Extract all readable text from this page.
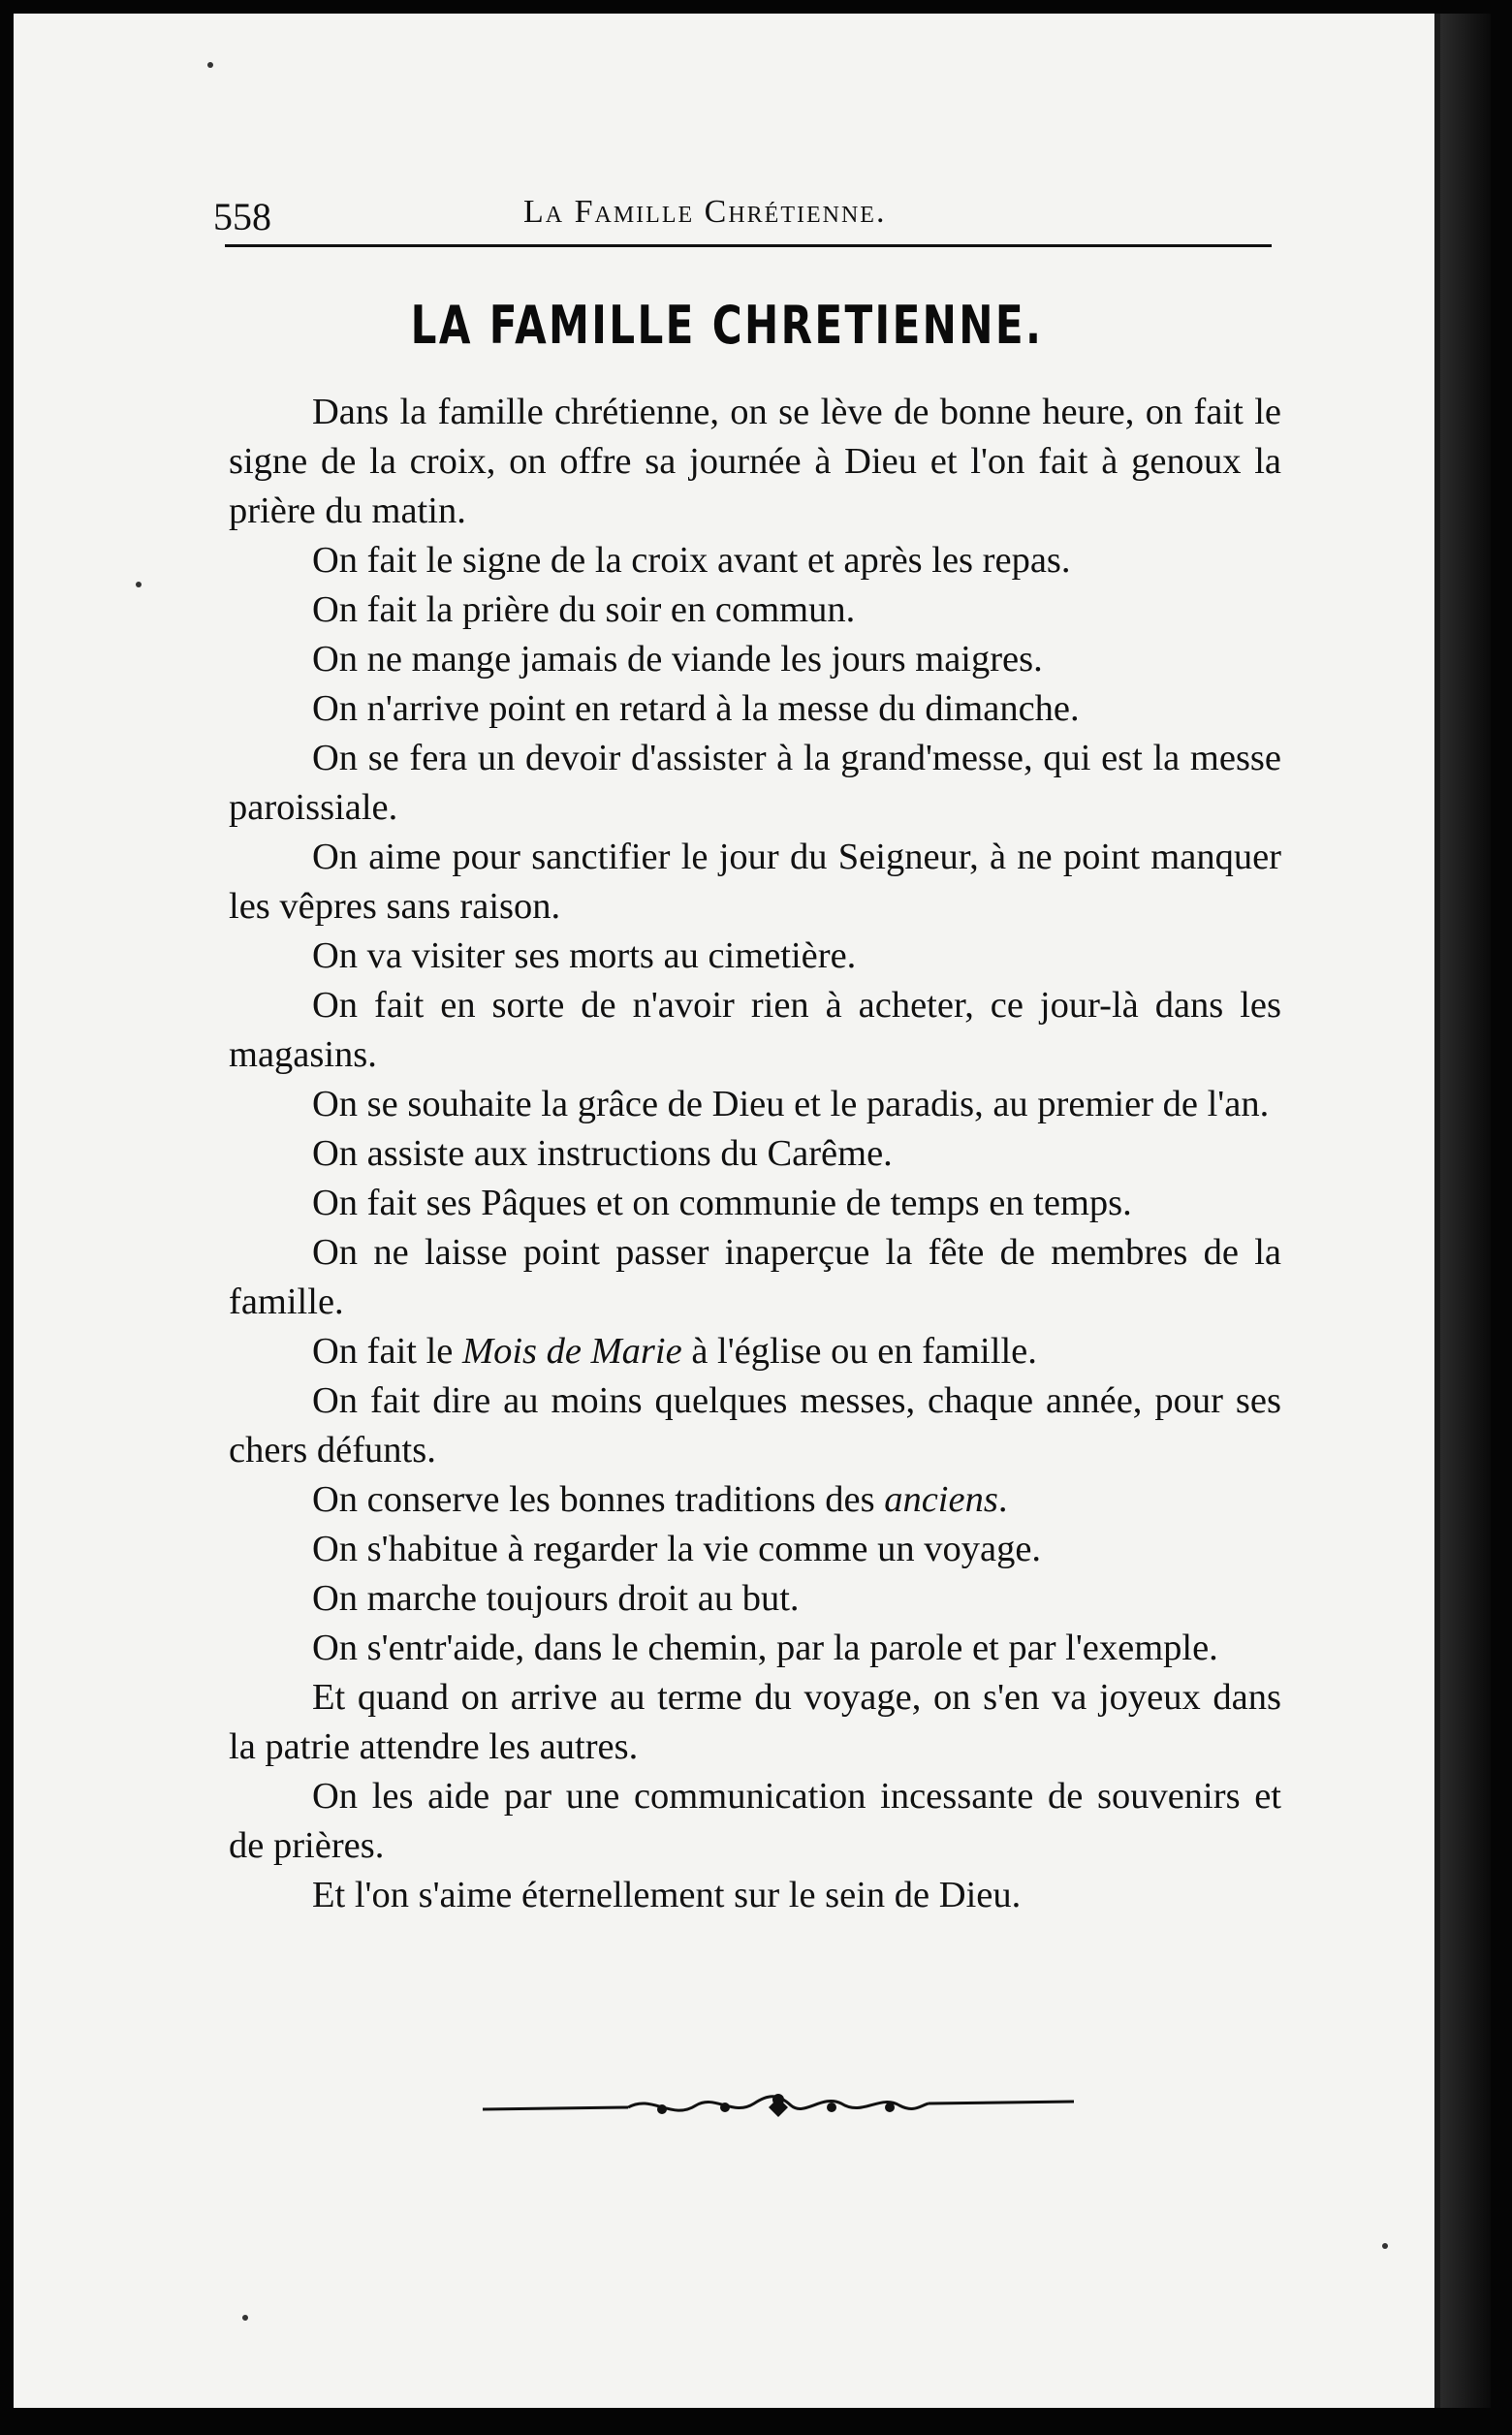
558	La Famille Chrétienne.
LA FAMILLE CHRETIENNE.

Dans la famille chrétienne, on se lève de bonne heure, on fait le signe de la croix, on offre sa journée à Dieu et l'on fait à genoux la prière du matin.

On fait le signe de la croix avant et après les repas.

On fait la prière du soir en commun.

On ne mange jamais de viande les jours maigres.

On n'arrive point en retard à la messe du dimanche.

On se fera un devoir d'assister à la grand'messe, qui est la messe paroissiale.

On aime pour sanctifier le jour du Seigneur, à ne point manquer les vêpres sans raison.

On va visiter ses morts au cimetière.

On fait en sorte de n'avoir rien à acheter, ce jour-là dans les magasins.

On se souhaite la grâce de Dieu et le paradis, au premier de l'an.

On assiste aux instructions du Carême.

On fait ses Pâques et on communie de temps en temps.

On ne laisse point passer inaperçue la fête de membres de la famille.

On fait le Mois de Marie à l'église ou en famille.

On fait dire au moins quelques messes, chaque année, pour ses chers défunts.

On conserve les bonnes traditions des anciens.

On s'habitue à regarder la vie comme un voyage.

On marche toujours droit au but.

On s'entr'aide, dans le chemin, par la parole et par l'exemple.

Et quand on arrive au terme du voyage, on s'en va joyeux dans la patrie attendre les autres.

On les aide par une communication incessante de souvenirs et de prières.

Et l'on s'aime éternellement sur le sein de Dieu.
